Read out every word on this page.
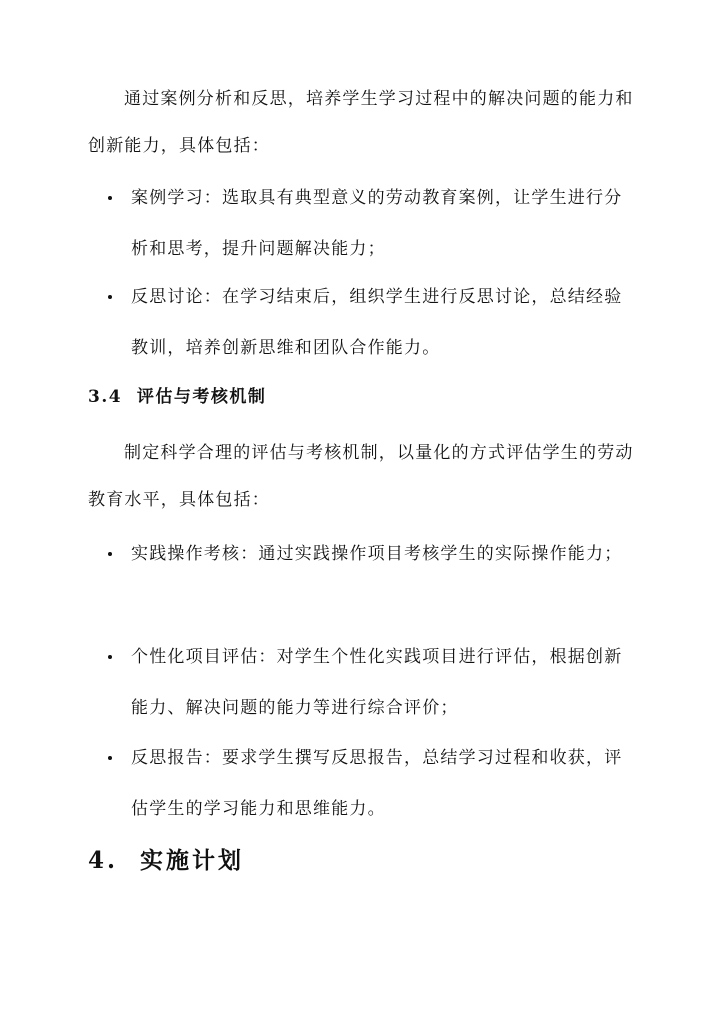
通过案例分析和反思，培养学生学习过程中的解决问题的能力和创新能力，具体包括：

案例学习：选取具有典型意义的劳动教育案例，让学生进行分析和思考，提升问题解决能力；
反思讨论：在学习结束后，组织学生进行反思讨论，总结经验教训，培养创新思维和团队合作能力。
3.4 评估与考核机制

制定科学合理的评估与考核机制，以量化的方式评估学生的劳动教育水平，具体包括：

实践操作考核：通过实践操作项目考核学生的实际操作能力；
个性化项目评估：对学生个性化实践项目进行评估，根据创新能力、解决问题的能力等进行综合评价；
反思报告：要求学生撰写反思报告，总结学习过程和收获，评估学生的学习能力和思维能力。
4. 实施计划
